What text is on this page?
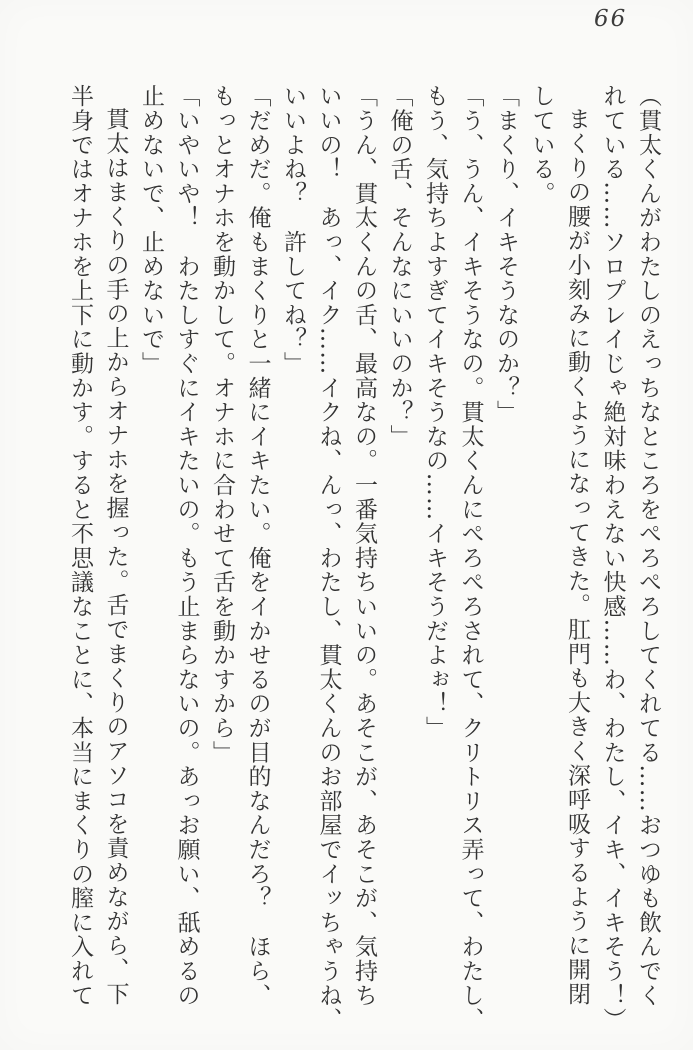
66
（貫太くんがわたしのえっちなところをぺろぺろしてくれてる……おつゆも飲んでく
れている……ソロプレイじゃ絶対味わえない快感……わ、わたし、イキ、イキそう！）
まくりの腰が小刻みに動くようになってきた。肛門も大きく深呼吸するように開閉
している。
「まくり、イキそうなのか？」
「う、うん、イキそうなの。貫太くんにぺろぺろされて、クリトリス弄って、わたし、
もう、気持ちよすぎてイキそうなの……イキそうだよぉ！」
「俺の舌、そんなにいいのか？」
「うん、貫太くんの舌、最高なの。一番気持ちいいの。あそこが、あそこが、気持ち
いいの！　あっ、イク……イクね、んっ、わたし、貫太くんのお部屋でイッちゃうね、
いいよね？　許してね？」
「だめだ。俺もまくりと一緒にイキたい。俺をイかせるのが目的なんだろ？　ほら、
もっとオナホを動かして。オナホに合わせて舌を動かすから」
「いやいや！　わたしすぐにイキたいの。もう止まらないの。あっお願い、舐めるの
止めないで、止めないで」
貫太はまくりの手の上からオナホを握った。舌でまくりのアソコを責めながら、下
半身ではオナホを上下に動かす。すると不思議なことに、本当にまくりの膣に入れて
